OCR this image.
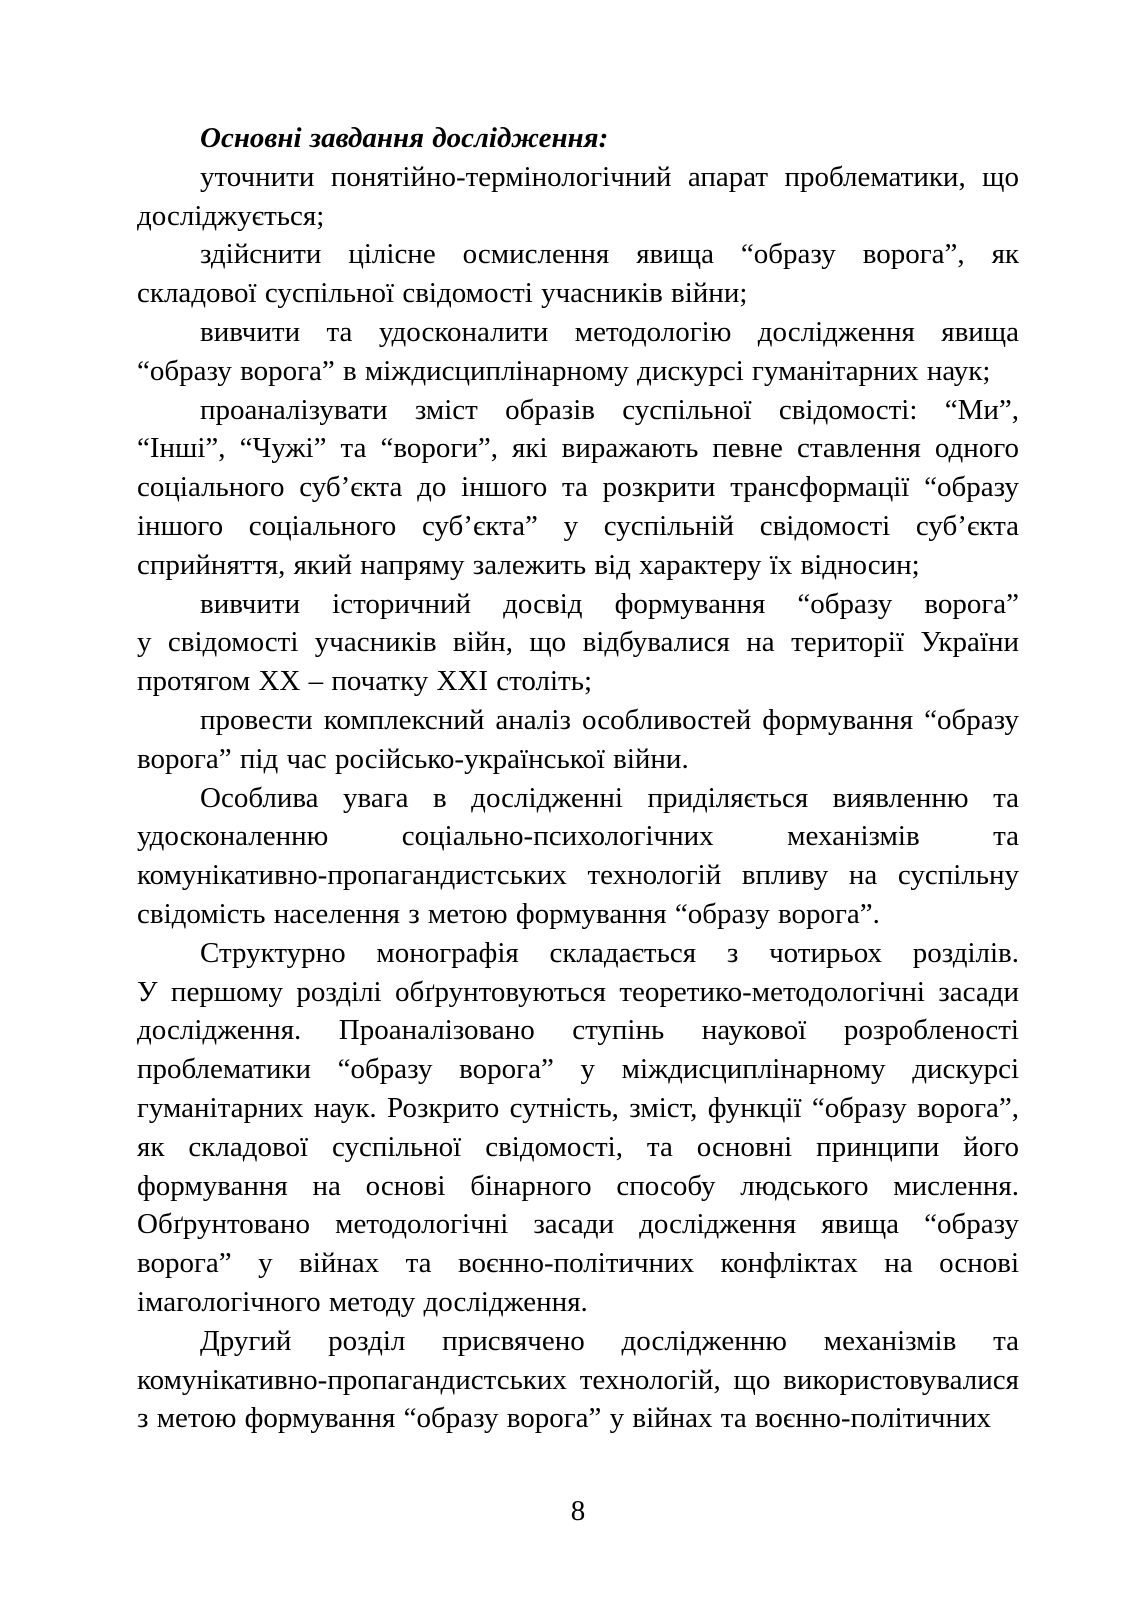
Основні завдання дослідження:

уточнити понятійно-термінологічний апарат проблематики, що досліджується;

здійснити цілісне осмислення явища “образу ворога”, як складової суспільної свідомості учасників війни;

вивчити та удосконалити методологію дослідження явища “образу ворога” в міждисциплінарному дискурсі гуманітарних наук;

проаналізувати зміст образів суспільної свідомості: “Ми”, “Інші”, “Чужі” та “вороги”, які виражають певне ставлення одного соціального суб’єкта до іншого та розкрити трансформації “образу іншого соціального суб’єкта” у суспільній свідомості суб’єкта сприйняття, який напряму залежить від характеру їх відносин;

вивчити історичний досвід формування “образу ворога” у свідомості учасників війн, що відбувалися на території України протягом XX – початку XXI століть;

провести комплексний аналіз особливостей формування “образу ворога” під час російсько-української війни.

Особлива увага в дослідженні приділяється виявленню та удосконаленню соціально-психологічних механізмів та комунікативно-пропагандистських технологій впливу на суспільну свідомість населення з метою формування “образу ворога”.

Структурно монографія складається з чотирьох розділів. У першому розділі обґрунтовуються теоретико-методологічні засади дослідження. Проаналізовано ступінь наукової розробленості проблематики “образу ворога” у міждисциплінарному дискурсі гуманітарних наук. Розкрито сутність, зміст, функції “образу ворога”, як складової суспільної свідомості, та основні принципи його формування на основі бінарного способу людського мислення. Обґрунтовано методологічні засади дослідження явища “образу ворога” у війнах та воєнно-політичних конфліктах на основі імагологічного методу дослідження.

Другий розділ присвячено дослідженню механізмів та комунікативно-пропагандистських технологій, що використовувалися з метою формування “образу ворога” у війнах та воєнно-політичних

8
